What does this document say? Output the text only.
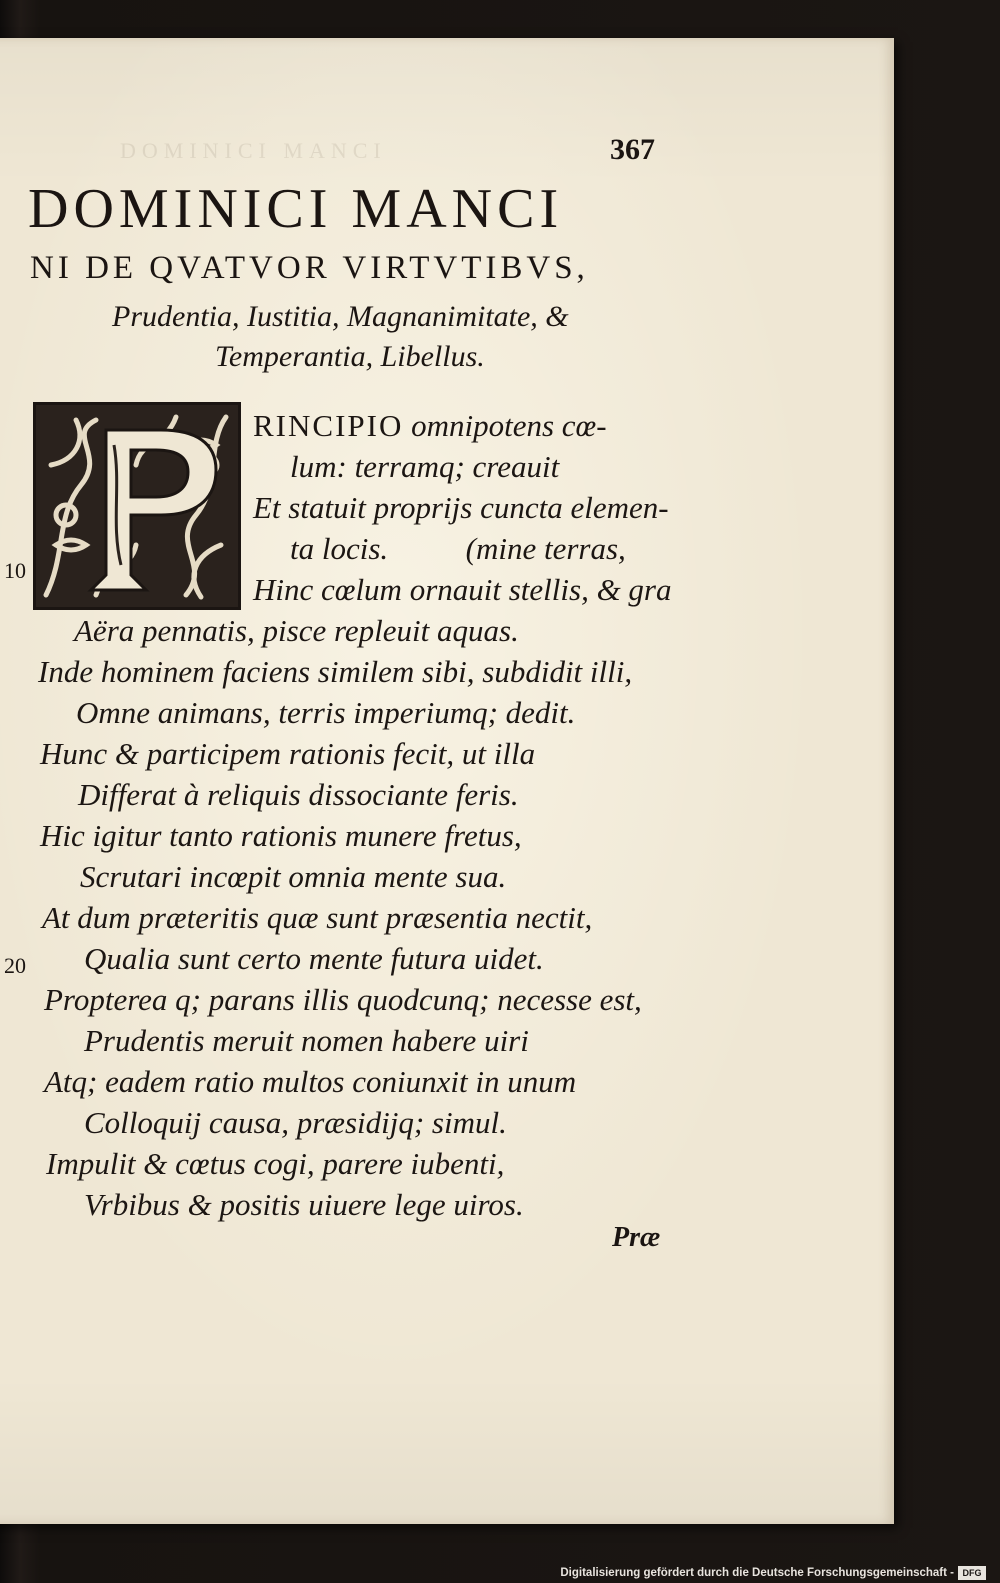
367
DOMINICI MANCI
NI DE QVATVOR VIRTVTIBVS,
Prudentia, Iustitia, Magnanimitate, &
Temperantia, Libellus.
10
20
RINCIPIO omnipotens cœ-
lum: terramq; creauit
Et statuit proprijs cuncta elemen-
ta locis.          (mine terras,
Hinc cœlum ornauit stellis, & gra
Aëra pennatis, pisce repleuit aquas.
Inde hominem faciens similem sibi, subdidit illi,
Omne animans, terris imperiumq; dedit.
Hunc & participem rationis fecit, ut illa
Differat à reliquis dissociante feris.
Hic igitur tanto rationis munere fretus,
Scrutari incœpit omnia mente sua.
At dum præteritis quæ sunt præsentia nectit,
Qualia sunt certo mente futura uidet.
Propterea q; parans illis quodcunq; necesse est,
Prudentis meruit nomen habere uiri
Atq; eadem ratio multos coniunxit in unum
Colloquij causa, præsidijq; simul.
Impulit & cœtus cogi, parere iubenti,
Vrbibus & positis uiuere lege uiros.
Præ
Digitalisierung gefördert durch die Deutsche Forschungsgemeinschaft - DFG
